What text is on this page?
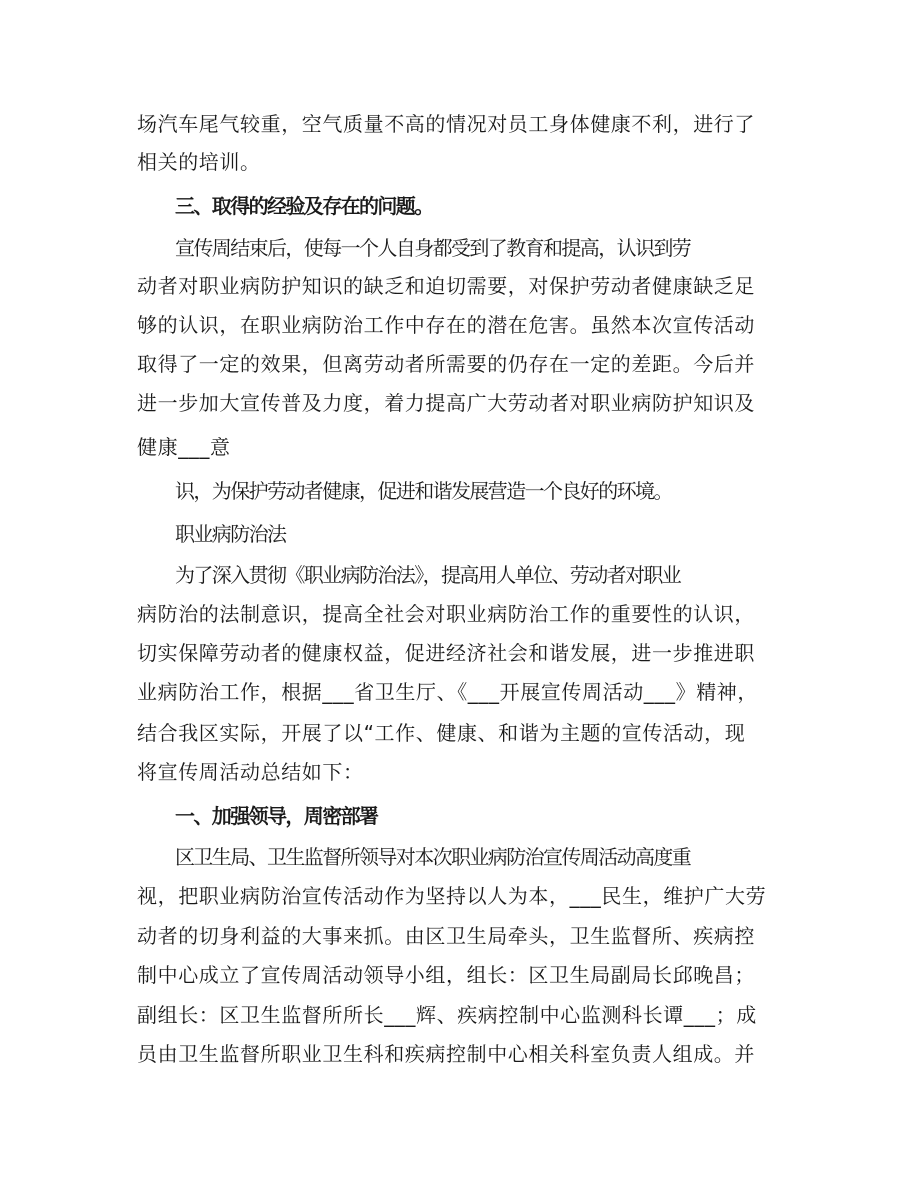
场汽车尾气较重，空气质量不高的情况对员工身体健康不利，进行了
相关的培训。
三、取得的经验及存在的问题。
宣传周结束后，使每一个人自身都受到了教育和提高，认识到劳
动者对职业病防护知识的缺乏和迫切需要，对保护劳动者健康缺乏足
够的认识，在职业病防治工作中存在的潜在危害。虽然本次宣传活动
取得了一定的效果，但离劳动者所需要的仍存在一定的差距。今后并
进一步加大宣传普及力度，着力提高广大劳动者对职业病防护知识及
健康___意
识，为保护劳动者健康，促进和谐发展营造一个良好的环境。
职业病防治法
为了深入贯彻《职业病防治法》，提高用人单位、劳动者对职业
病防治的法制意识，提高全社会对职业病防治工作的重要性的认识，
切实保障劳动者的健康权益，促进经济社会和谐发展，进一步推进职
业病防治工作，根据___省卫生厅、《___开展宣传周活动___》精神，
结合我区实际，开展了以“工作、健康、和谐为主题的宣传活动，现
将宣传周活动总结如下：
一、加强领导，周密部署
区卫生局、卫生监督所领导对本次职业病防治宣传周活动高度重
视，把职业病防治宣传活动作为坚持以人为本，___民生，维护广大劳
动者的切身利益的大事来抓。由区卫生局牵头，卫生监督所、疾病控
制中心成立了宣传周活动领导小组，组长：区卫生局副局长邱晚昌；
副组长：区卫生监督所所长___辉、疾病控制中心监测科长谭___；成
员由卫生监督所职业卫生科和疾病控制中心相关科室负责人组成。并
